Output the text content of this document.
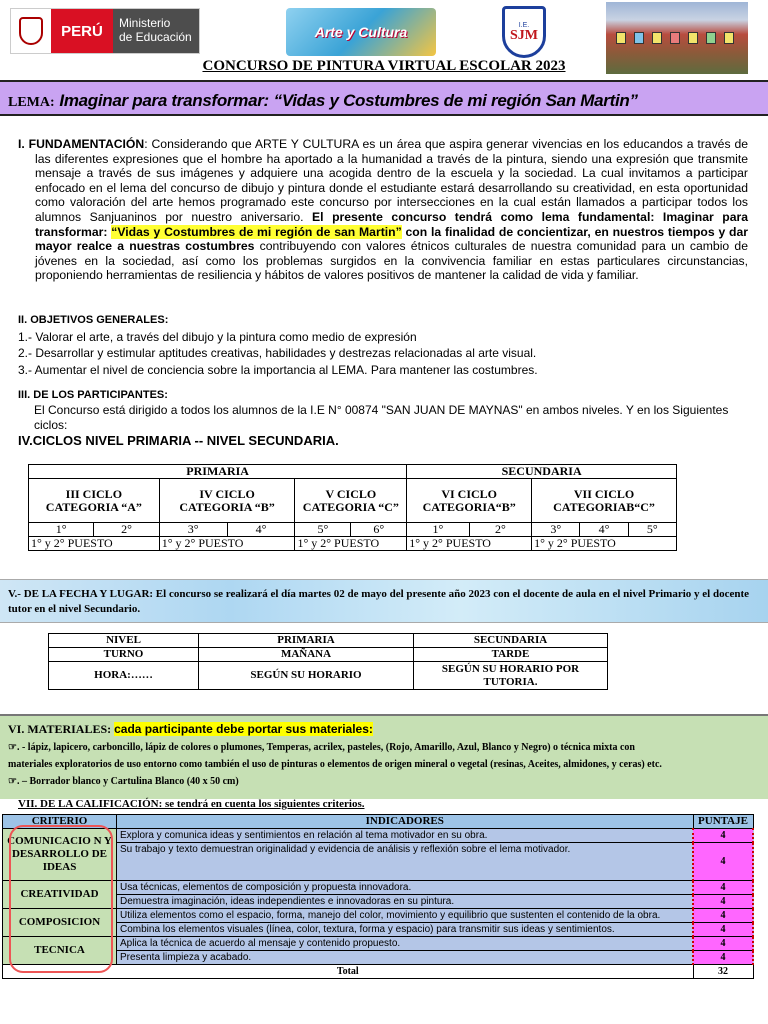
PERÚ	Ministerio
de Educación	Arte y Cultura	I.E.
SJM
CONCURSO DE PINTURA VIRTUAL ESCOLAR 2023
LEMA: Imaginar para transformar: “Vidas y Costumbres de mi región San Martin”

I. FUNDAMENTACIÓN: Considerando que ARTE Y CULTURA es un área que aspira generar vivencias en los educandos a través de las diferentes expresiones que el hombre ha aportado a la humanidad a través de la pintura, siendo una expresión que transmite mensaje a través de sus imágenes y adquiere una acogida dentro de la escuela y la sociedad. La cual invitamos a participar enfocado en el lema del concurso de dibujo y pintura donde el estudiante estará desarrollando su creatividad, en esta oportunidad como valoración del arte hemos programado este concurso por intersecciones en la cual están llamados a participar todos los alumnos Sanjuaninos por nuestro aniversario. El presente concurso tendrá como lema fundamental: Imaginar para transformar: “Vidas y Costumbres de mi región de san Martin” con la finalidad de concientizar, en nuestros tiempos y dar mayor realce a nuestras costumbres contribuyendo con valores étnicos culturales de nuestra comunidad para un cambio de jóvenes en la sociedad, así como los problemas surgidos en la convivencia familiar en estas particulares circunstancias, proponiendo herramientas de resiliencia y hábitos de valores positivos de mantener la calidad de vida y familiar.

II. OBJETIVOS GENERALES:
1.- Valorar el arte, a través del dibujo y la pintura como medio de expresión
2.- Desarrollar y estimular aptitudes creativas, habilidades y destrezas relacionadas al arte visual.
3.- Aumentar el nivel de conciencia sobre la importancia al LEMA. Para mantener las costumbres.
III. DE LOS PARTICIPANTES:
El Concurso está dirigido a todos los alumnos de la I.E N° 00874 "SAN JUAN DE MAYNAS" en ambos niveles. Y en los Siguientes ciclos:
IV.CICLOS NIVEL PRIMARIA -- NIVEL SECUNDARIA.
PRIMARIA						SECUNDARIA				
III CICLO CATEGORIA “A”		IV CICLO CATEGORIA “B”		V CICLO CATEGORIA “C”		VI CICLO CATEGORIA“B”		VII CICLO CATEGORIAB“C”		
1°	2°	3°	4°	5°	6°	1°	2°	3°	4°	5°
1° y 2° PUESTO		1° y 2° PUESTO		1° y 2° PUESTO		1° y 2° PUESTO		1° y 2° PUESTO		
V.- DE LA FECHA Y LUGAR: El concurso se realizará el día martes 02 de mayo del presente año 2023 con el docente de aula en el nivel Primario y el docente tutor en el nivel Secundario.
NIVEL	PRIMARIA	SECUNDARIA
TURNO	MAÑANA	TARDE
HORA:……	SEGÚN SU HORARIO	SEGÚN SU HORARIO POR TUTORIA.
VI. MATERIALES: cada participante debe portar sus materiales:
☞. - lápiz, lapicero, carboncillo, lápiz de colores o plumones, Temperas, acrilex, pasteles, (Rojo, Amarillo, Azul, Blanco y Negro) o técnica mixta con
materiales exploratorios de uso entorno como también el uso de pinturas o elementos de origen mineral o vegetal (resinas, Aceites, almidones, y ceras) etc.
☞. – Borrador blanco y Cartulina Blanco (40 x 50 cm)
VII. DE LA CALIFICACIÓN: se tendrá en cuenta los siguientes criterios.
CRITERIO	INDICADORES	PUNTAJE
COMUNICACIO N Y DESARROLLO DE IDEAS	Explora y comunica ideas y sentimientos en relación al tema motivador en su obra.	4
	Su trabajo y texto demuestran originalidad y evidencia de análisis y reflexión sobre el lema motivador.	4
CREATIVIDAD	Usa técnicas, elementos de composición y propuesta innovadora.	4
	Demuestra imaginación, ideas independientes e innovadoras en su pintura.	4
COMPOSICION	Utiliza elementos como el espacio, forma, manejo del color, movimiento y equilibrio que sustenten el contenido de la obra.	4
	Combina los elementos visuales (línea, color, textura, forma y espacio) para transmitir sus ideas y sentimientos.	4
TECNICA	Aplica la técnica de acuerdo al mensaje y contenido propuesto.	4
	Presenta limpieza y acabado.	4
Total		32
